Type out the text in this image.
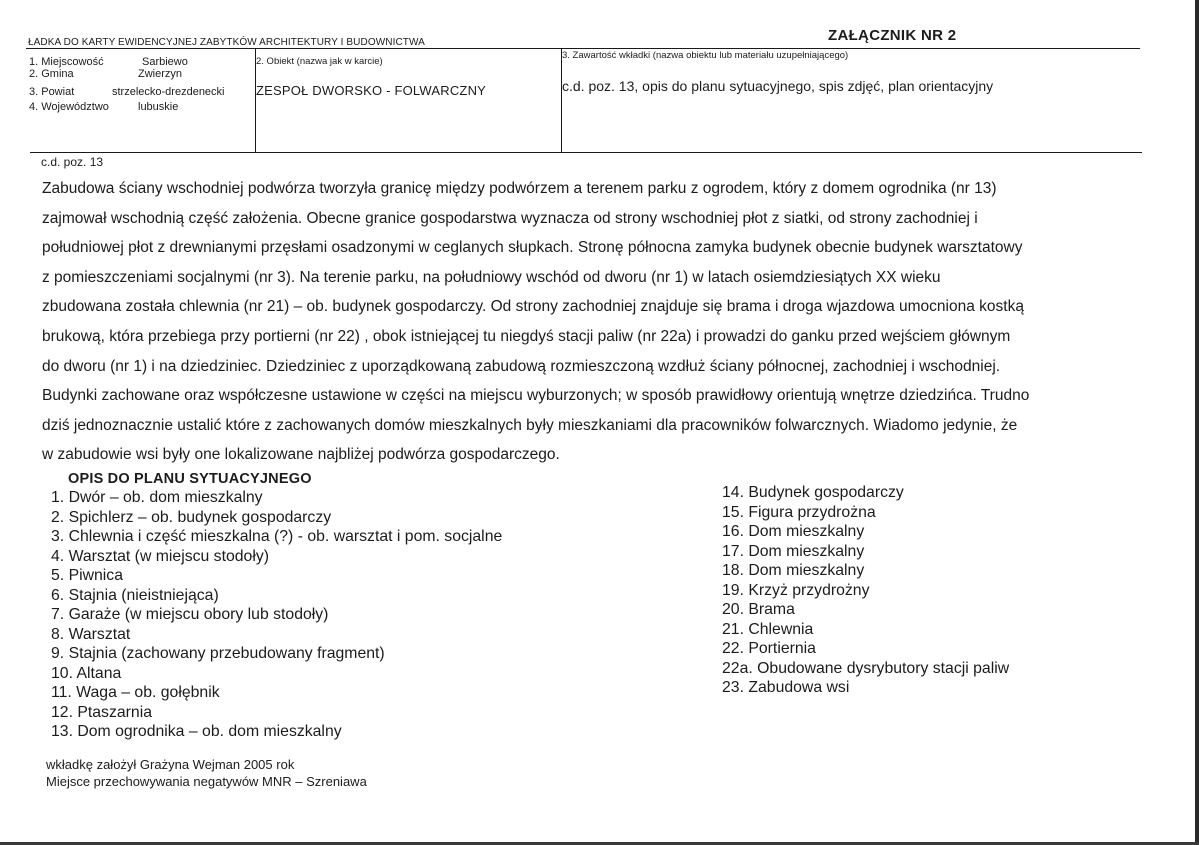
ŁADKA DO KARTY EWIDENCYJNEJ ZABYTKÓW ARCHITEKTURY I BUDOWNICTWA	ZAŁĄCZNIK NR 2
1. Miejscowość	Sarbiewo
2. Gmina	Zwierzyn
3. Powiat	strzelecko-drezdenecki
4. Województwo	lubuskie
2. Obiekt (nazwa jak w karcie)
ZESPOŁ DWORSKO - FOLWARCZNY
3. Zawartość wkładki (nazwa obiektu lub materiału uzupełniającego)
c.d. poz. 13, opis do planu sytuacyjnego, spis zdjęć, plan orientacyjny
c.d. poz. 13
Zabudowa ściany wschodniej podwórza tworzyła granicę między podwórzem a terenem parku z ogrodem, który z domem ogrodnika (nr 13)
zajmował wschodnią część założenia. Obecne granice gospodarstwa wyznacza od strony wschodniej płot z siatki, od strony zachodniej i
południowej płot z drewnianymi przęsłami osadzonymi w ceglanych słupkach. Stronę północna zamyka budynek obecnie budynek warsztatowy
z pomieszczeniami socjalnymi (nr 3). Na terenie parku, na południowy wschód od dworu (nr 1) w latach osiemdziesiątych XX wieku
zbudowana została chlewnia (nr 21) – ob. budynek gospodarczy. Od strony zachodniej znajduje się brama i droga wjazdowa umocniona kostką
brukową, która przebiega przy portierni (nr 22) , obok istniejącej tu niegdyś stacji paliw (nr 22a) i prowadzi do ganku przed wejściem głównym
do dworu (nr 1) i na dziedziniec. Dziedziniec z uporządkowaną zabudową rozmieszczoną wzdłuż ściany północnej, zachodniej i wschodniej.
Budynki zachowane oraz współczesne ustawione w części na miejscu wyburzonych; w sposób prawidłowy orientują wnętrze dziedzińca. Trudno
dziś jednoznacznie ustalić które z zachowanych domów mieszkalnych były mieszkaniami dla pracowników folwarcznych. Wiadomo jedynie, że
w zabudowie wsi były one lokalizowane najbliżej podwórza gospodarczego.
OPIS DO PLANU SYTUACYJNEGO
1. Dwór – ob. dom mieszkalny
2. Spichlerz – ob. budynek gospodarczy
3. Chlewnia i część mieszkalna (?) - ob. warsztat i pom. socjalne
4. Warsztat (w miejscu stodoły)
5. Piwnica
6. Stajnia (nieistniejąca)
7. Garaże (w miejscu obory lub stodoły)
8. Warsztat
9. Stajnia (zachowany przebudowany fragment)
10. Altana
11. Waga – ob. gołębnik
12. Ptaszarnia
13. Dom ogrodnika – ob. dom mieszkalny
14. Budynek gospodarczy
15. Figura przydrożna
16. Dom mieszkalny
17. Dom mieszkalny
18. Dom mieszkalny
19. Krzyż przydrożny
20. Brama
21. Chlewnia
22. Portiernia
22a. Obudowane dysrybutory stacji paliw
23. Zabudowa wsi
wkładkę założył Grażyna Wejman 2005 rok
Miejsce przechowywania negatywów MNR – Szreniawa
